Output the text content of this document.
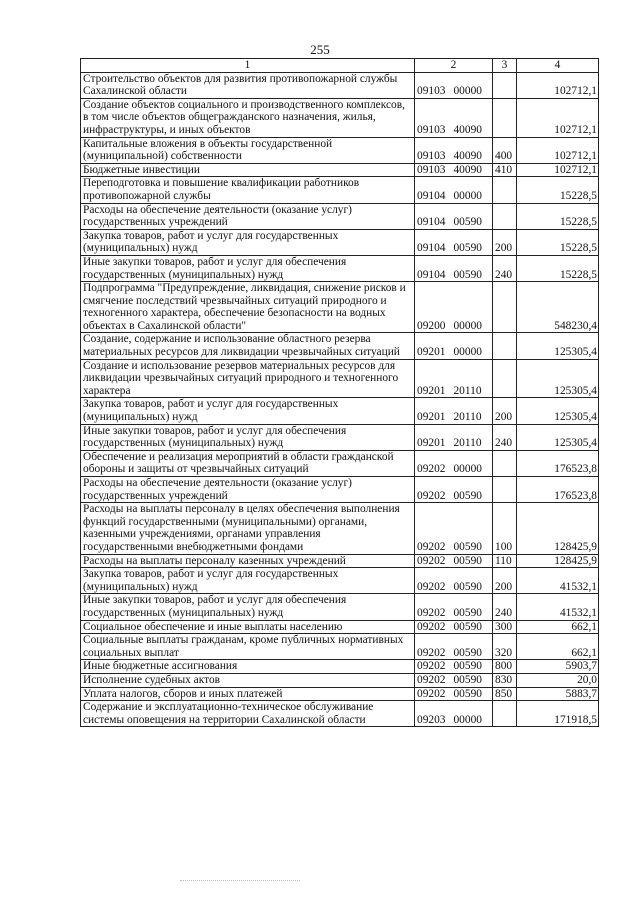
255
1	2	3	4
Строительство объектов для развития противопожарной службы Сахалинской области	09103 00000		102712,1
Создание объектов социального и производственного комплексов, в том числе объектов общегражданского назначения, жилья, инфраструктуры, и иных объектов	09103 40090		102712,1
Капитальные вложения в объекты государственной (муниципальной) собственности	09103 40090	400	102712,1
Бюджетные инвестиции	09103 40090	410	102712,1
Переподготовка и повышение квалификации работников противопожарной службы	09104 00000		15228,5
Расходы на обеспечение деятельности (оказание услуг) государственных учреждений	09104 00590		15228,5
Закупка товаров, работ и услуг для государственных (муниципальных) нужд	09104 00590	200	15228,5
Иные закупки товаров, работ и услуг для обеспечения государственных (муниципальных) нужд	09104 00590	240	15228,5
Подпрограмма "Предупреждение, ликвидация, снижение рисков и смягчение последствий чрезвычайных ситуаций природного и техногенного характера, обеспечение безопасности на водных объектах в Сахалинской области"	09200 00000		548230,4
Создание, содержание и использование областного резерва материальных ресурсов для ликвидации чрезвычайных ситуаций	09201 00000		125305,4
Создание и использование резервов материальных ресурсов для ликвидации чрезвычайных ситуаций природного и техногенного характера	09201 20110		125305,4
Закупка товаров, работ и услуг для государственных (муниципальных) нужд	09201 20110	200	125305,4
Иные закупки товаров, работ и услуг для обеспечения государственных (муниципальных) нужд	09201 20110	240	125305,4
Обеспечение и реализация мероприятий в области гражданской обороны и защиты от чрезвычайных ситуаций	09202 00000		176523,8
Расходы на обеспечение деятельности (оказание услуг) государственных учреждений	09202 00590		176523,8
Расходы на выплаты персоналу в целях обеспечения выполнения функций государственными (муниципальными) органами, казенными учреждениями, органами управления государственными внебюджетными фондами	09202 00590	100	128425,9
Расходы на выплаты персоналу казенных учреждений	09202 00590	110	128425,9
Закупка товаров, работ и услуг для государственных (муниципальных) нужд	09202 00590	200	41532,1
Иные закупки товаров, работ и услуг для обеспечения государственных (муниципальных) нужд	09202 00590	240	41532,1
Социальное обеспечение и иные выплаты населению	09202 00590	300	662,1
Социальные выплаты гражданам, кроме публичных нормативных социальных выплат	09202 00590	320	662,1
Иные бюджетные ассигнования	09202 00590	800	5903,7
Исполнение судебных актов	09202 00590	830	20,0
Уплата налогов, сборов и иных платежей	09202 00590	850	5883,7
Содержание и эксплуатационно-техническое обслуживание системы оповещения на территории Сахалинской области	09203 00000		171918,5
